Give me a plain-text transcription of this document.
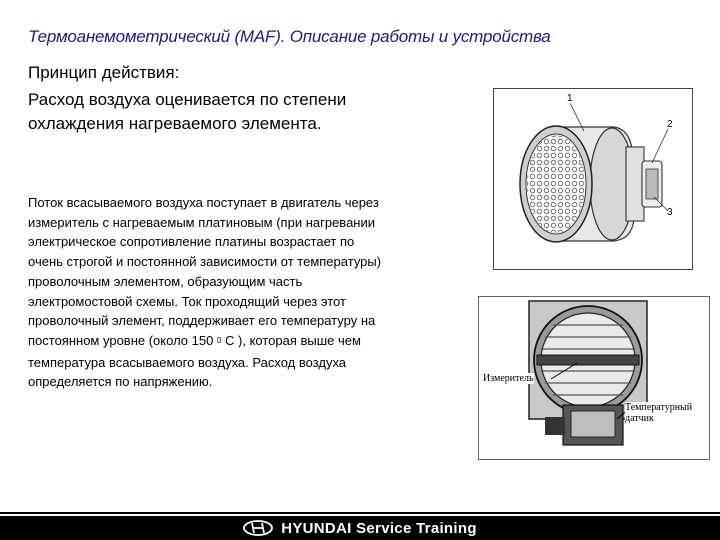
Термоанемометрический (MAF). Описание работы и устройства
Принцип действия:
Расход воздуха оценивается по степени
охлаждения нагреваемого элемента.
Поток всасываемого воздуха поступает в двигатель через
измеритель с нагреваемым платиновым (при нагревании
электрическое сопротивление платины возрастает по
очень строгой и постоянной зависимости от температуры)
проволочным элементом, образующим часть
электромостовой схемы. Ток проходящий через этот
проволочный элемент, поддерживает его температуру на
постоянном уровне (около 150 $^0$ С ), которая выше чем
температура всасываемого воздуха. Расход воздуха
определяется по напряжению.
1
2
3
Измеритель
Температурный
датчик
HYUNDAI Service Training
